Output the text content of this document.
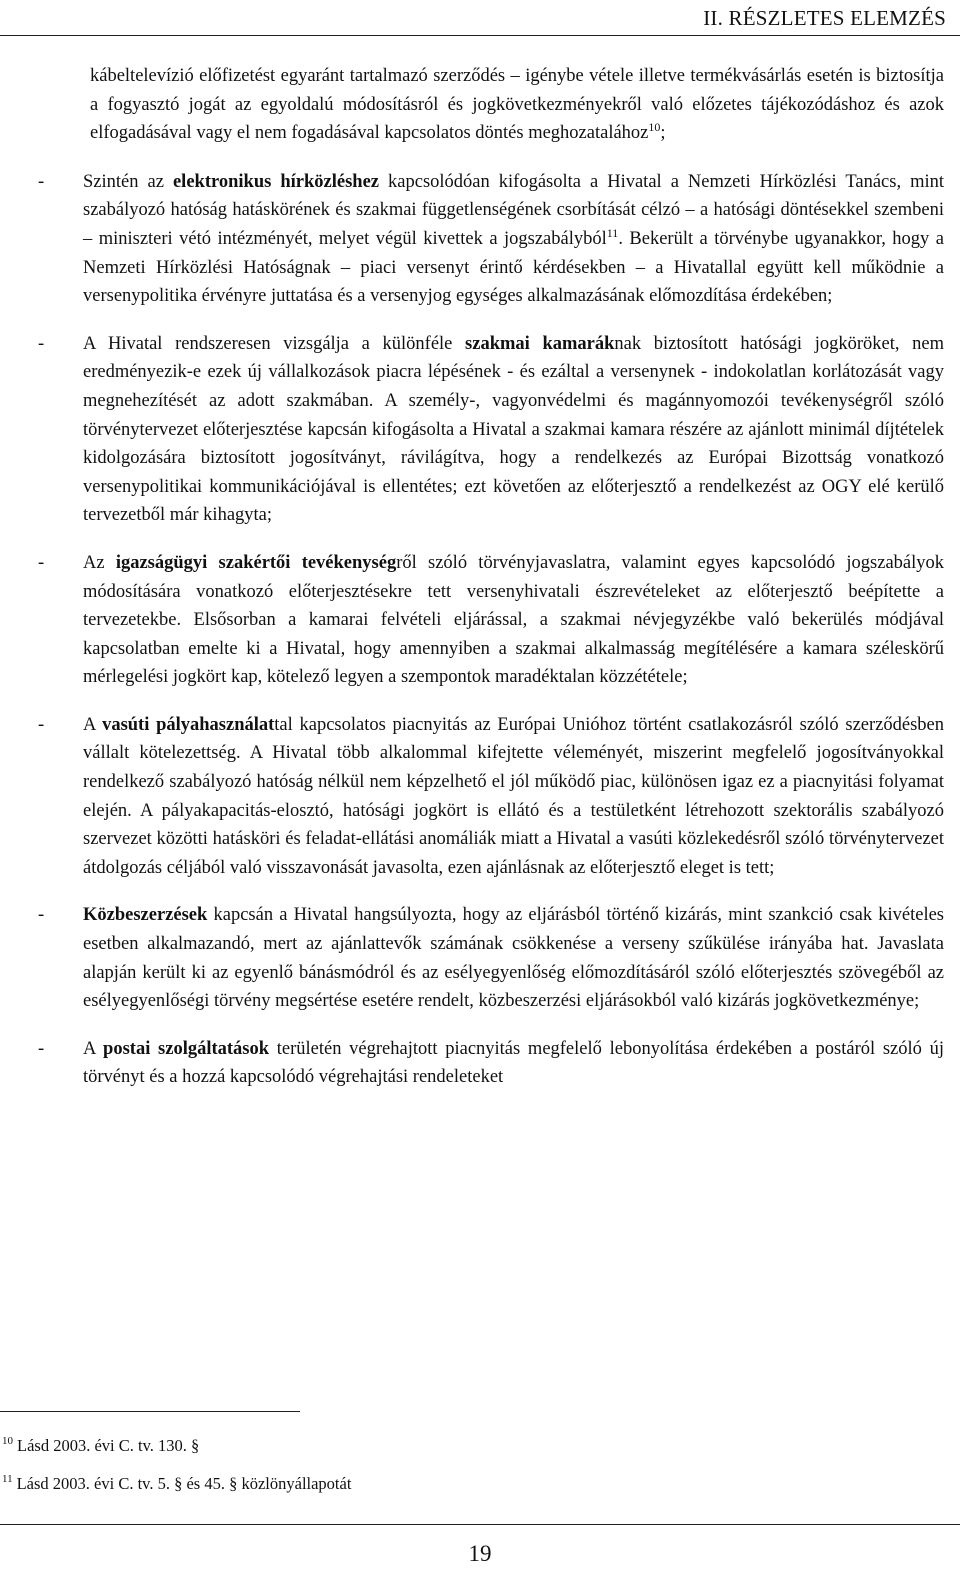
II. RÉSZLETES ELEMZÉS

kábeltelevízió előfizetést egyaránt tartalmazó szerződés – igénybe vétele illetve termékvásárlás esetén is biztosítja a fogyasztó jogát az egyoldalú módosításról és jogkövetkezményekről való előzetes tájékozódáshoz és azok elfogadásával vagy el nem fogadásával kapcsolatos döntés meghozatalához$^{10}$;

-	Szintén az elektronikus hírközléshez kapcsolódóan kifogásolta a Hivatal a Nemzeti Hírközlési Tanács, mint szabályozó hatóság hatáskörének és szakmai függetlenségének csorbítását célzó – a hatósági döntésekkel szembeni – miniszteri vétó intézményét, melyet végül kivettek a jogszabályból$^{11}$. Bekerült a törvénybe ugyanakkor, hogy a Nemzeti Hírközlési Hatóságnak – piaci versenyt érintő kérdésekben – a Hivatallal együtt kell működnie a versenypolitika érvényre juttatása és a versenyjog egységes alkalmazásának előmozdítása érdekében;
-	A Hivatal rendszeresen vizsgálja a különféle szakmai kamaráknak biztosított hatósági jogköröket, nem eredményezik-e ezek új vállalkozások piacra lépésének - és ezáltal a versenynek - indokolatlan korlátozását vagy megnehezítését az adott szakmában. A személy-, vagyonvédelmi és magánnyomozói tevékenységről szóló törvénytervezet előterjesztése kapcsán kifogásolta a Hivatal a szakmai kamara részére az ajánlott minimál díjtételek kidolgozására biztosított jogosítványt, rávilágítva, hogy a rendelkezés az Európai Bizottság vonatkozó versenypolitikai kommunikációjával is ellentétes; ezt követően az előterjesztő a rendelkezést az OGY elé kerülő tervezetből már kihagyta;
-	Az igazságügyi szakértői tevékenységről szóló törvényjavaslatra, valamint egyes kapcsolódó jogszabályok módosítására vonatkozó előterjesztésekre tett versenyhivatali észrevételeket az előterjesztő beépítette a tervezetekbe. Elsősorban a kamarai felvételi eljárással, a szakmai névjegyzékbe való bekerülés módjával kapcsolatban emelte ki a Hivatal, hogy amennyiben a szakmai alkalmasság megítélésére a kamara széleskörű mérlegelési jogkört kap, kötelező legyen a szempontok maradéktalan közzététele;
-	A vasúti pályahasználattal kapcsolatos piacnyitás az Európai Unióhoz történt csatlakozásról szóló szerződésben vállalt kötelezettség. A Hivatal több alkalommal kifejtette véleményét, miszerint megfelelő jogosítványokkal rendelkező szabályozó hatóság nélkül nem képzelhető el jól működő piac, különösen igaz ez a piacnyitási folyamat elején. A pályakapacitás-elosztó, hatósági jogkört is ellátó és a testületként létrehozott szektorális szabályozó szervezet közötti hatásköri és feladat-ellátási anomáliák miatt a Hivatal a vasúti közlekedésről szóló törvénytervezet átdolgozás céljából való visszavonását javasolta, ezen ajánlásnak az előterjesztő eleget is tett;
-	Közbeszerzések kapcsán a Hivatal hangsúlyozta, hogy az eljárásból történő kizárás, mint szankció csak kivételes esetben alkalmazandó, mert az ajánlattevők számának csökkenése a verseny szűkülése irányába hat. Javaslata alapján került ki az egyenlő bánásmódról és az esélyegyenlőség előmozdításáról szóló előterjesztés szövegéből az esélyegyenlőségi törvény megsértése esetére rendelt, közbeszerzési eljárásokból való kizárás jogkövetkezménye;
-	A postai szolgáltatások területén végrehajtott piacnyitás megfelelő lebonyolítása érdekében a postáról szóló új törvényt és a hozzá kapcsolódó végrehajtási rendeleteket
$^{10}$ Lásd 2003. évi C. tv. 130. §
$^{11}$ Lásd 2003. évi C. tv. 5. § és 45. § közlönyállapotát
19
